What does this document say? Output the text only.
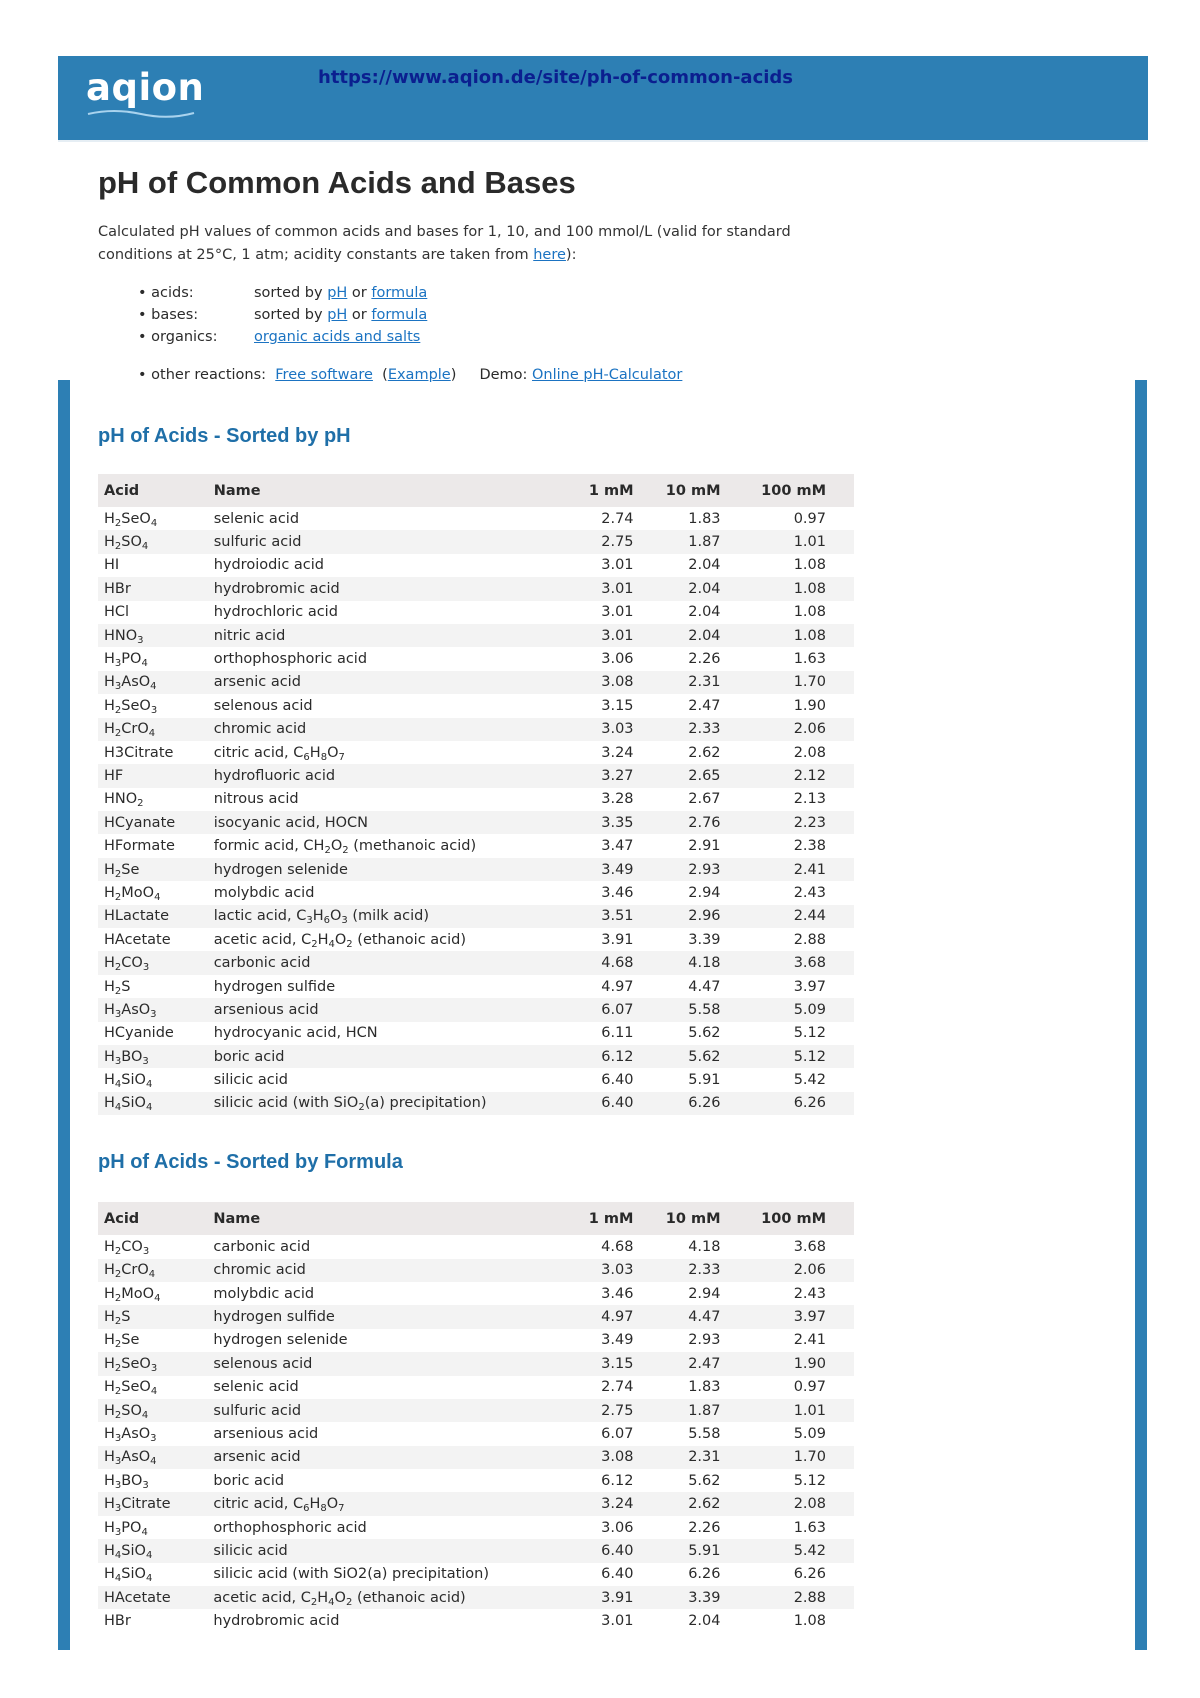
aqion	https://www.aqion.de/site/ph-of-common-acids
pH of Common Acids and Bases
Calculated pH values of common acids and bases for 1, 10, and 100 mmol/L (valid for standard conditions at 25°C, 1 atm; acidity constants are taken from here):
• acids:	sorted by pH or formula
• bases:	sorted by pH or formula
• organics:	organic acids and salts
• other reactions:
Free software ( Example ) Demo:
Online pH-Calculator
pH of Acids - Sorted by pH
Acid	Name	1 mM	10 mM	100 mM
$H_2SeO_4$	selenic acid	2.74	1.83	0.97
$H_2SO_4$	sulfuric acid	2.75	1.87	1.01
HI	hydroiodic acid	3.01	2.04	1.08
HBr	hydrobromic acid	3.01	2.04	1.08
HCl	hydrochloric acid	3.01	2.04	1.08
$HNO_3$	nitric acid	3.01	2.04	1.08
$H_3PO_4$	orthophosphoric acid	3.06	2.26	1.63
$H_3AsO_4$	arsenic acid	3.08	2.31	1.70
$H_2SeO_3$	selenous acid	3.15	2.47	1.90
$H_2CrO_4$	chromic acid	3.03	2.33	2.06
H3Citrate	citric acid, $C_6H_8O_7$	3.24	2.62	2.08
HF	hydrofluoric acid	3.27	2.65	2.12
$HNO_2$	nitrous acid	3.28	2.67	2.13
HCyanate	isocyanic acid, HOCN	3.35	2.76	2.23
HFormate	formic acid, $CH_2O_2$ (methanoic acid)	3.47	2.91	2.38
$H_2Se$	hydrogen selenide	3.49	2.93	2.41
$H_2MoO_4$	molybdic acid	3.46	2.94	2.43
HLactate	lactic acid, $C_3H_6O_3$ (milk acid)	3.51	2.96	2.44
HAcetate	acetic acid, $C_2H_4O_2$ (ethanoic acid)	3.91	3.39	2.88
$H_2CO_3$	carbonic acid	4.68	4.18	3.68
$H_2S$	hydrogen sulfide	4.97	4.47	3.97
$H_3AsO_3$	arsenious acid	6.07	5.58	5.09
HCyanide	hydrocyanic acid, HCN	6.11	5.62	5.12
$H_3BO_3$	boric acid	6.12	5.62	5.12
$H_4SiO_4$	silicic acid	6.40	5.91	5.42
$H_4SiO_4$	silicic acid (with SiO$_2$(a) precipitation)	6.40	6.26	6.26
pH of Acids - Sorted by Formula
Acid	Name	1 mM	10 mM	100 mM
$H_2CO_3$	carbonic acid	4.68	4.18	3.68
$H_2CrO_4$	chromic acid	3.03	2.33	2.06
$H_2MoO_4$	molybdic acid	3.46	2.94	2.43
$H_2S$	hydrogen sulfide	4.97	4.47	3.97
$H_2Se$	hydrogen selenide	3.49	2.93	2.41
$H_2SeO_3$	selenous acid	3.15	2.47	1.90
$H_2SeO_4$	selenic acid	2.74	1.83	0.97
$H_2SO_4$	sulfuric acid	2.75	1.87	1.01
$H_3AsO_3$	arsenious acid	6.07	5.58	5.09
$H_3AsO_4$	arsenic acid	3.08	2.31	1.70
$H_3BO_3$	boric acid	6.12	5.62	5.12
$H_3Citrate$	citric acid, $C_6H_8O_7$	3.24	2.62	2.08
$H_3PO_4$	orthophosphoric acid	3.06	2.26	1.63
$H_4SiO_4$	silicic acid	6.40	5.91	5.42
$H_4SiO_4$	silicic acid (with SiO2(a) precipitation)	6.40	6.26	6.26
HAcetate	acetic acid, $C_2H_4O_2$ (ethanoic acid)	3.91	3.39	2.88
HBr	hydrobromic acid	3.01	2.04	1.08
